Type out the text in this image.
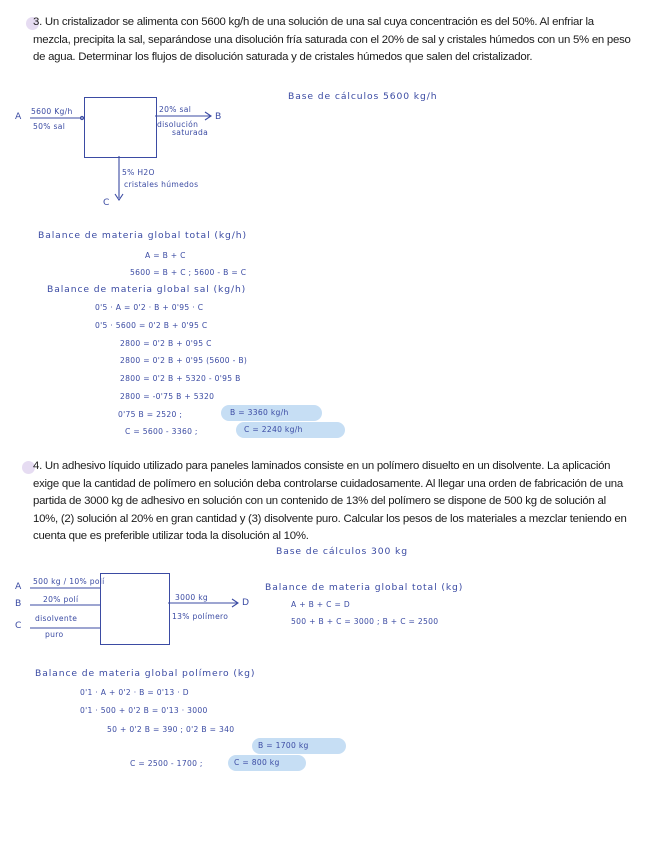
3. Un cristalizador se alimenta con 5600 kg/h de una solución de una sal cuya concentración es del 50%. Al enfriar la mezcla, precipita la sal, separándose una disolución fría saturada con el 20% de sal y cristales húmedos con un 5% en peso de agua. Determinar los flujos de disolución saturada y de cristales húmedos que salen del cristalizador.
Base de cálculos 5600 kg/h
A 5600 Kg/h
50% sal
20% sal
B
disolución
saturada
5% H2O
cristales húmedos
C
Balance de materia global total (kg/h)
A = B + C
5600 = B + C ; 5600 - B = C
Balance de materia global sal (kg/h)
0'5 · A = 0'2 · B + 0'95 · C
0'5 · 5600 = 0'2 B + 0'95 C
2800 = 0'2 B + 0'95 C
2800 = 0'2 B + 0'95 (5600 - B)
2800 = 0'2 B + 5320 - 0'95 B
2800 = -0'75 B + 5320
0'75 B = 2520 ;	B = 3360 kg/h
C = 5600 - 3360 ;	C = 2240 kg/h
4. Un adhesivo líquido utilizado para paneles laminados consiste en un polímero disuelto en un disolvente. La aplicación exige que la cantidad de polímero en solución deba controlarse cuidadosamente. Al llegar una orden de fabricación de una partida de 3000 kg de adhesivo en solución con un contenido de 13% del polímero se dispone de 500 kg de solución al 10%, (2) solución al 20% en gran cantidad y (3) disolvente puro. Calcular los pesos de los materiales a mezclar teniendo en cuenta que es preferible utilizar toda la disolución al 10%.
Base de cálculos 300 kg
A 500 kg / 10% polí
B	20% polí
C
disolvente
puro
3000 kg
13% polímero
D
Balance de materia global total (kg)
A + B + C = D
500 + B + C = 3000 ; B + C = 2500
Balance de materia global polímero (kg)
0'1 · A + 0'2 · B = 0'13 · D
0'1 · 500 + 0'2 B = 0'13 · 3000
50 + 0'2 B = 390 ; 0'2 B = 340
B = 1700 kg
C = 2500 - 1700 ;	C = 800 kg
